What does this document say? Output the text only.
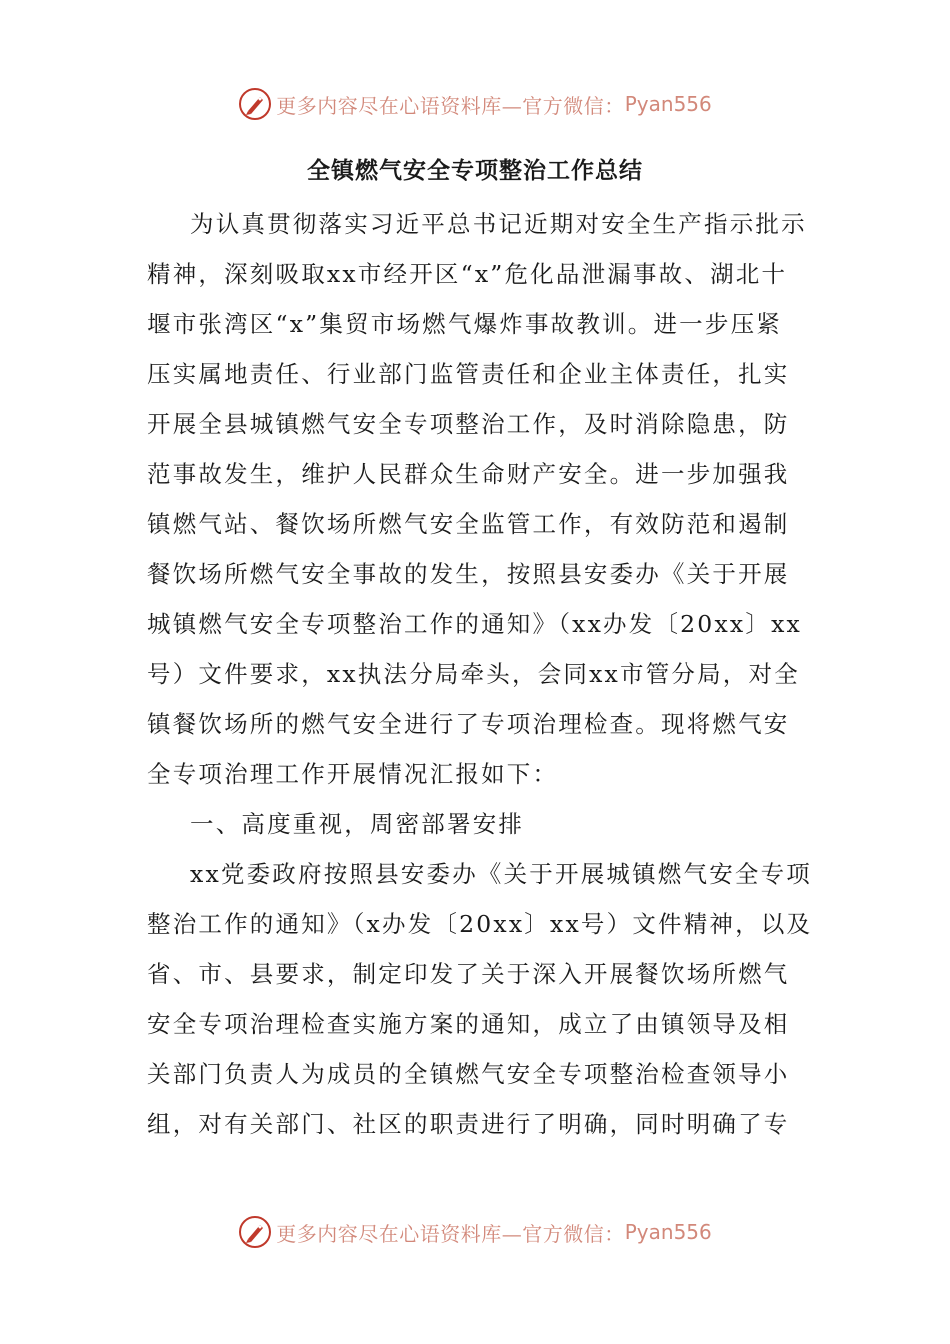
更多内容尽在心语资料库—官方微信： Pyan556
全镇燃气安全专项整治工作总结
为认真贯彻落实习近平总书记近期对安全生产指示批示
精神，深刻吸取xx市经开区“x”危化品泄漏事故、湖北十
堰市张湾区“x”集贸市场燃气爆炸事故教训。进一步压紧
压实属地责任、行业部门监管责任和企业主体责任，扎实
开展全县城镇燃气安全专项整治工作，及时消除隐患，防
范事故发生，维护人民群众生命财产安全。进一步加强我
镇燃气站、餐饮场所燃气安全监管工作，有效防范和遏制
餐饮场所燃气安全事故的发生，按照县安委办《关于开展
城镇燃气安全专项整治工作的通知》（xx办发〔20xx〕xx
号）文件要求，xx执法分局牵头，会同xx市管分局，对全
镇餐饮场所的燃气安全进行了专项治理检查。现将燃气安
全专项治理工作开展情况汇报如下：
一、高度重视，周密部署安排
xx党委政府按照县安委办《关于开展城镇燃气安全专项
整治工作的通知》（x办发〔20xx〕xx号）文件精神，以及
省、市、县要求，制定印发了关于深入开展餐饮场所燃气
安全专项治理检查实施方案的通知，成立了由镇领导及相
关部门负责人为成员的全镇燃气安全专项整治检查领导小
组，对有关部门、社区的职责进行了明确，同时明确了专
更多内容尽在心语资料库—官方微信： Pyan556
